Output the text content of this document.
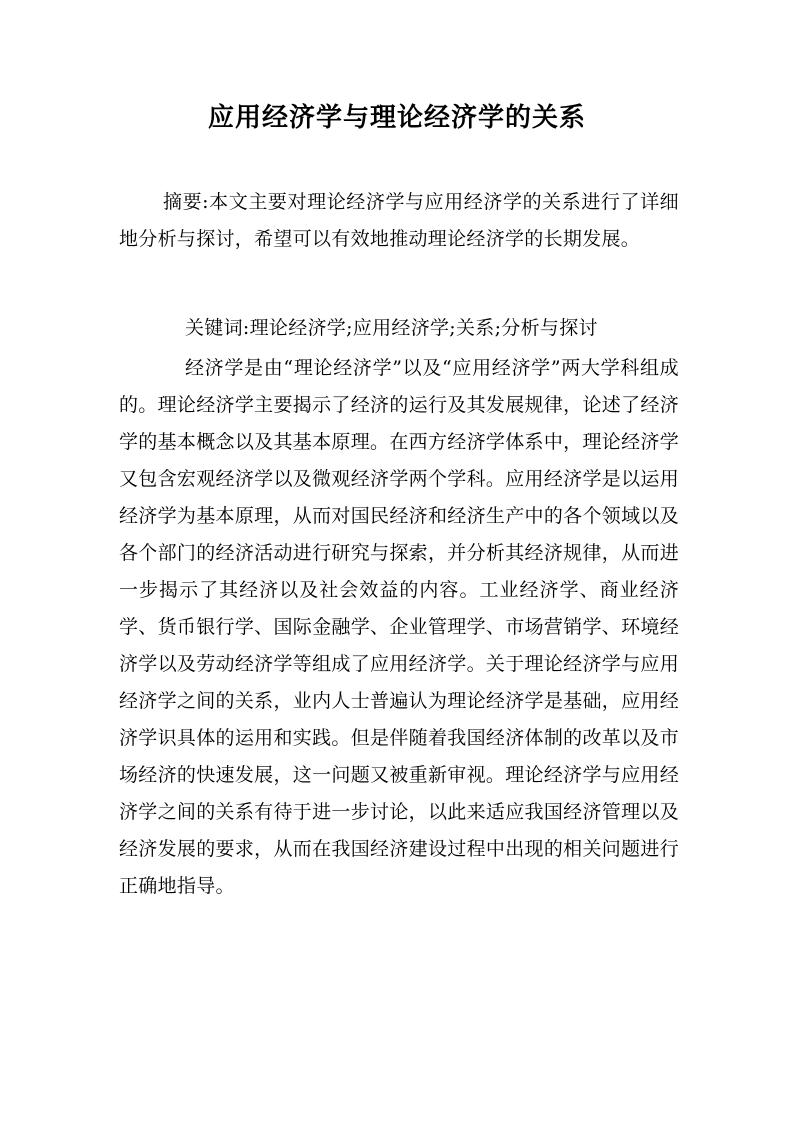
应用经济学与理论经济学的关系
摘要:本文主要对理论经济学与应用经济学的关系进行了详细地分析与探讨，希望可以有效地推动理论经济学的长期发展。
关键词:理论经济学;应用经济学;关系;分析与探讨
经济学是由“理论经济学”以及“应用经济学”两大学科组成的。理论经济学主要揭示了经济的运行及其发展规律，论述了经济学的基本概念以及其基本原理。在西方经济学体系中，理论经济学又包含宏观经济学以及微观经济学两个学科。应用经济学是以运用经济学为基本原理，从而对国民经济和经济生产中的各个领域以及各个部门的经济活动进行研究与探索，并分析其经济规律，从而进一步揭示了其经济以及社会效益的内容。工业经济学、商业经济学、货币银行学、国际金融学、企业管理学、市场营销学、环境经济学以及劳动经济学等组成了应用经济学。关于理论经济学与应用经济学之间的关系，业内人士普遍认为理论经济学是基础，应用经济学识具体的运用和实践。但是伴随着我国经济体制的改革以及市场经济的快速发展，这一问题又被重新审视。理论经济学与应用经济学之间的关系有待于进一步讨论，以此来适应我国经济管理以及经济发展的要求，从而在我国经济建设过程中出现的相关问题进行正确地指导。
